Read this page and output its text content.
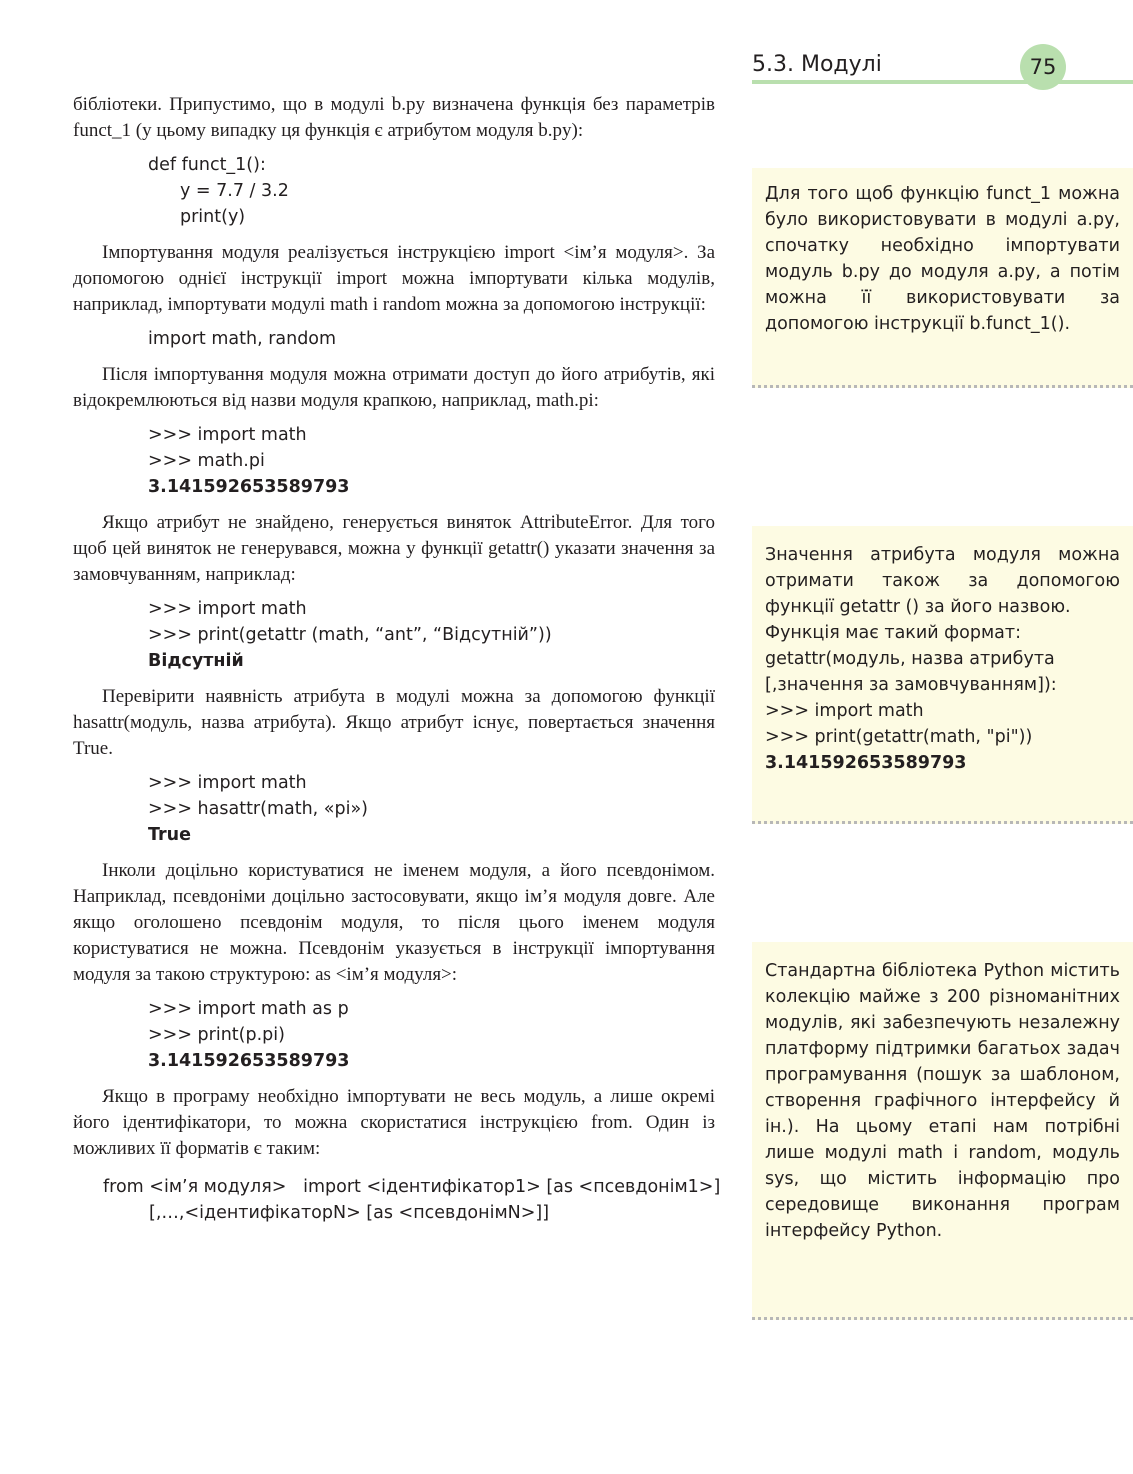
5.3. Модулі	75

бібліотеки. Припустимо, що в модулі b.py визначена функція без параметрів funct_1 (у цьому випадку ця функція є атрибутом модуля b.py):

def funct_1():
y = 7.7 / 3.2
print(y)

Імпортування модуля реалізується інструкцією import <ім’я модуля>. За допомогою однієї інструкції import можна імпортувати кілька модулів, наприклад, імпортувати модулі math і random можна за допомогою інструкції:

import math, random

Після імпортування модуля можна отримати доступ до його атрибутів, які відокремлюються від назви модуля крапкою, наприклад, math.pi:

>>> import math
>>> math.pi
3.141592653589793

Якщо атрибут не знайдено, генерується виняток AttributeError. Для того щоб цей виняток не генерувався, можна у функції getattr() указати значення за замовчуванням, наприклад:

>>> import math
>>> print(getattr (math, “ant”, “Відсутній”))
Відсутній

Перевірити наявність атрибута в модулі можна за допомогою функції hasattr(модуль, назва атрибута). Якщо атрибут існує, повертається значення True.

>>> import math
>>> hasattr(math, «pi»)
True

Інколи доцільно користуватися не іменем модуля, а його псевдонімом. Наприклад, псевдоніми доцільно застосовувати, якщо ім’я модуля довге. Але якщо оголошено псевдонім модуля, то після цього іменем модуля користуватися не можна. Псевдонім указується в інструкції імпортування модуля за такою структурою: as <ім’я модуля>:

>>> import math as p
>>> print(p.pi)
3.141592653589793

Якщо в програму необхідно імпортувати не весь модуль, а лише окремі його ідентифікатори, то можна скористатися інструкцією from. Один із можливих її форматів є таким:

from <ім’я модуля>   import <ідентифікатор1> [as <псевдонім1>]
[,…,<ідентифікаторN> [as <псевдонімN>]]

Для того щоб функцію funct_1 можна було використовувати в модулі a.py, спочатку необхідно імпортувати модуль b.py до модуля a.py, а потім можна її використовувати за допомогою інструкції b.funct_1().

Значення атрибута модуля можна отримати також за допомогою функції getattr () за його назвою.

Функція має такий формат: getattr(модуль, назва атрибута [,значення за замовчуванням]):

>>> import math

>>> print(getattr(math, "pi"))

3.141592653589793

Стандартна бібліотека Python містить колекцію майже з 200 різноманітних модулів, які забезпечують незалежну платформу підтримки багатьох задач програмування (пошук за шаблоном, створення графічного інтерфейсу й ін.). На цьому етапі нам потрібні лише модулі math і random, модуль sys, що містить інформацію про середовище виконання програм інтерфейсу Python.
